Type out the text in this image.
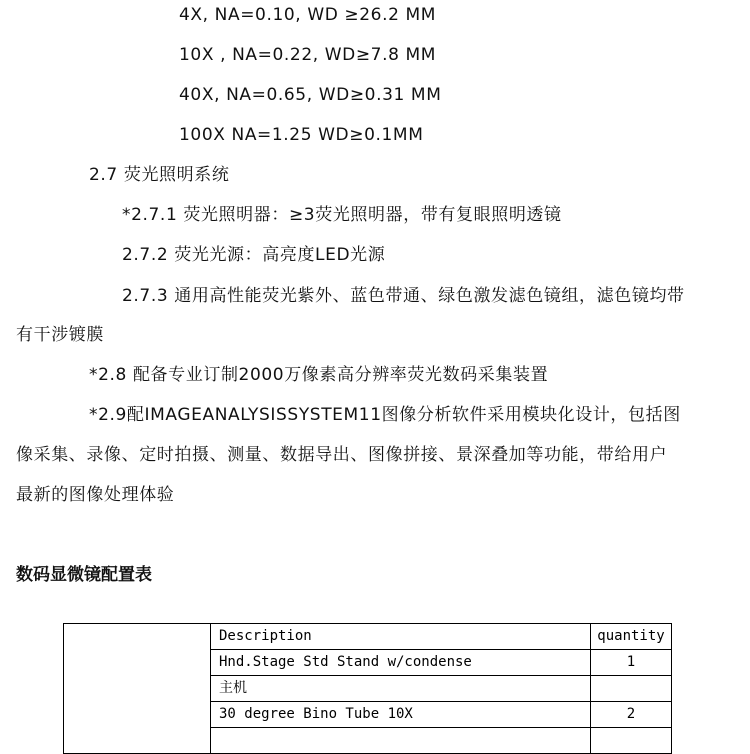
4X, NA=0.10, WD ≥26.2 MM
10X , NA=0.22, WD≥7.8 MM
40X, NA=0.65, WD≥0.31 MM
100X NA=1.25 WD≥0.1MM
2.7 荧光照明系统
*2.7.1 荧光照明器：≥3荧光照明器，带有复眼照明透镜
2.7.2 荧光光源：高亮度LED光源
2.7.3 通用高性能荧光紫外、蓝色带通、绿色激发滤色镜组，滤色镜均带
有干涉镀膜
*2.8 配备专业订制2000万像素高分辨率荧光数码采集装置
*2.9配IMAGEANALYSISSYSTEM11图像分析软件采用模块化设计，包括图
像采集、录像、定时拍摄、测量、数据导出、图像拼接、景深叠加等功能，带给用户
最新的图像处理体验
数码显微镜配置表
	Description	quantity
	Hnd.Stage Std Stand w/condense	1
	主机	
	30 degree Bino Tube 10X	2
